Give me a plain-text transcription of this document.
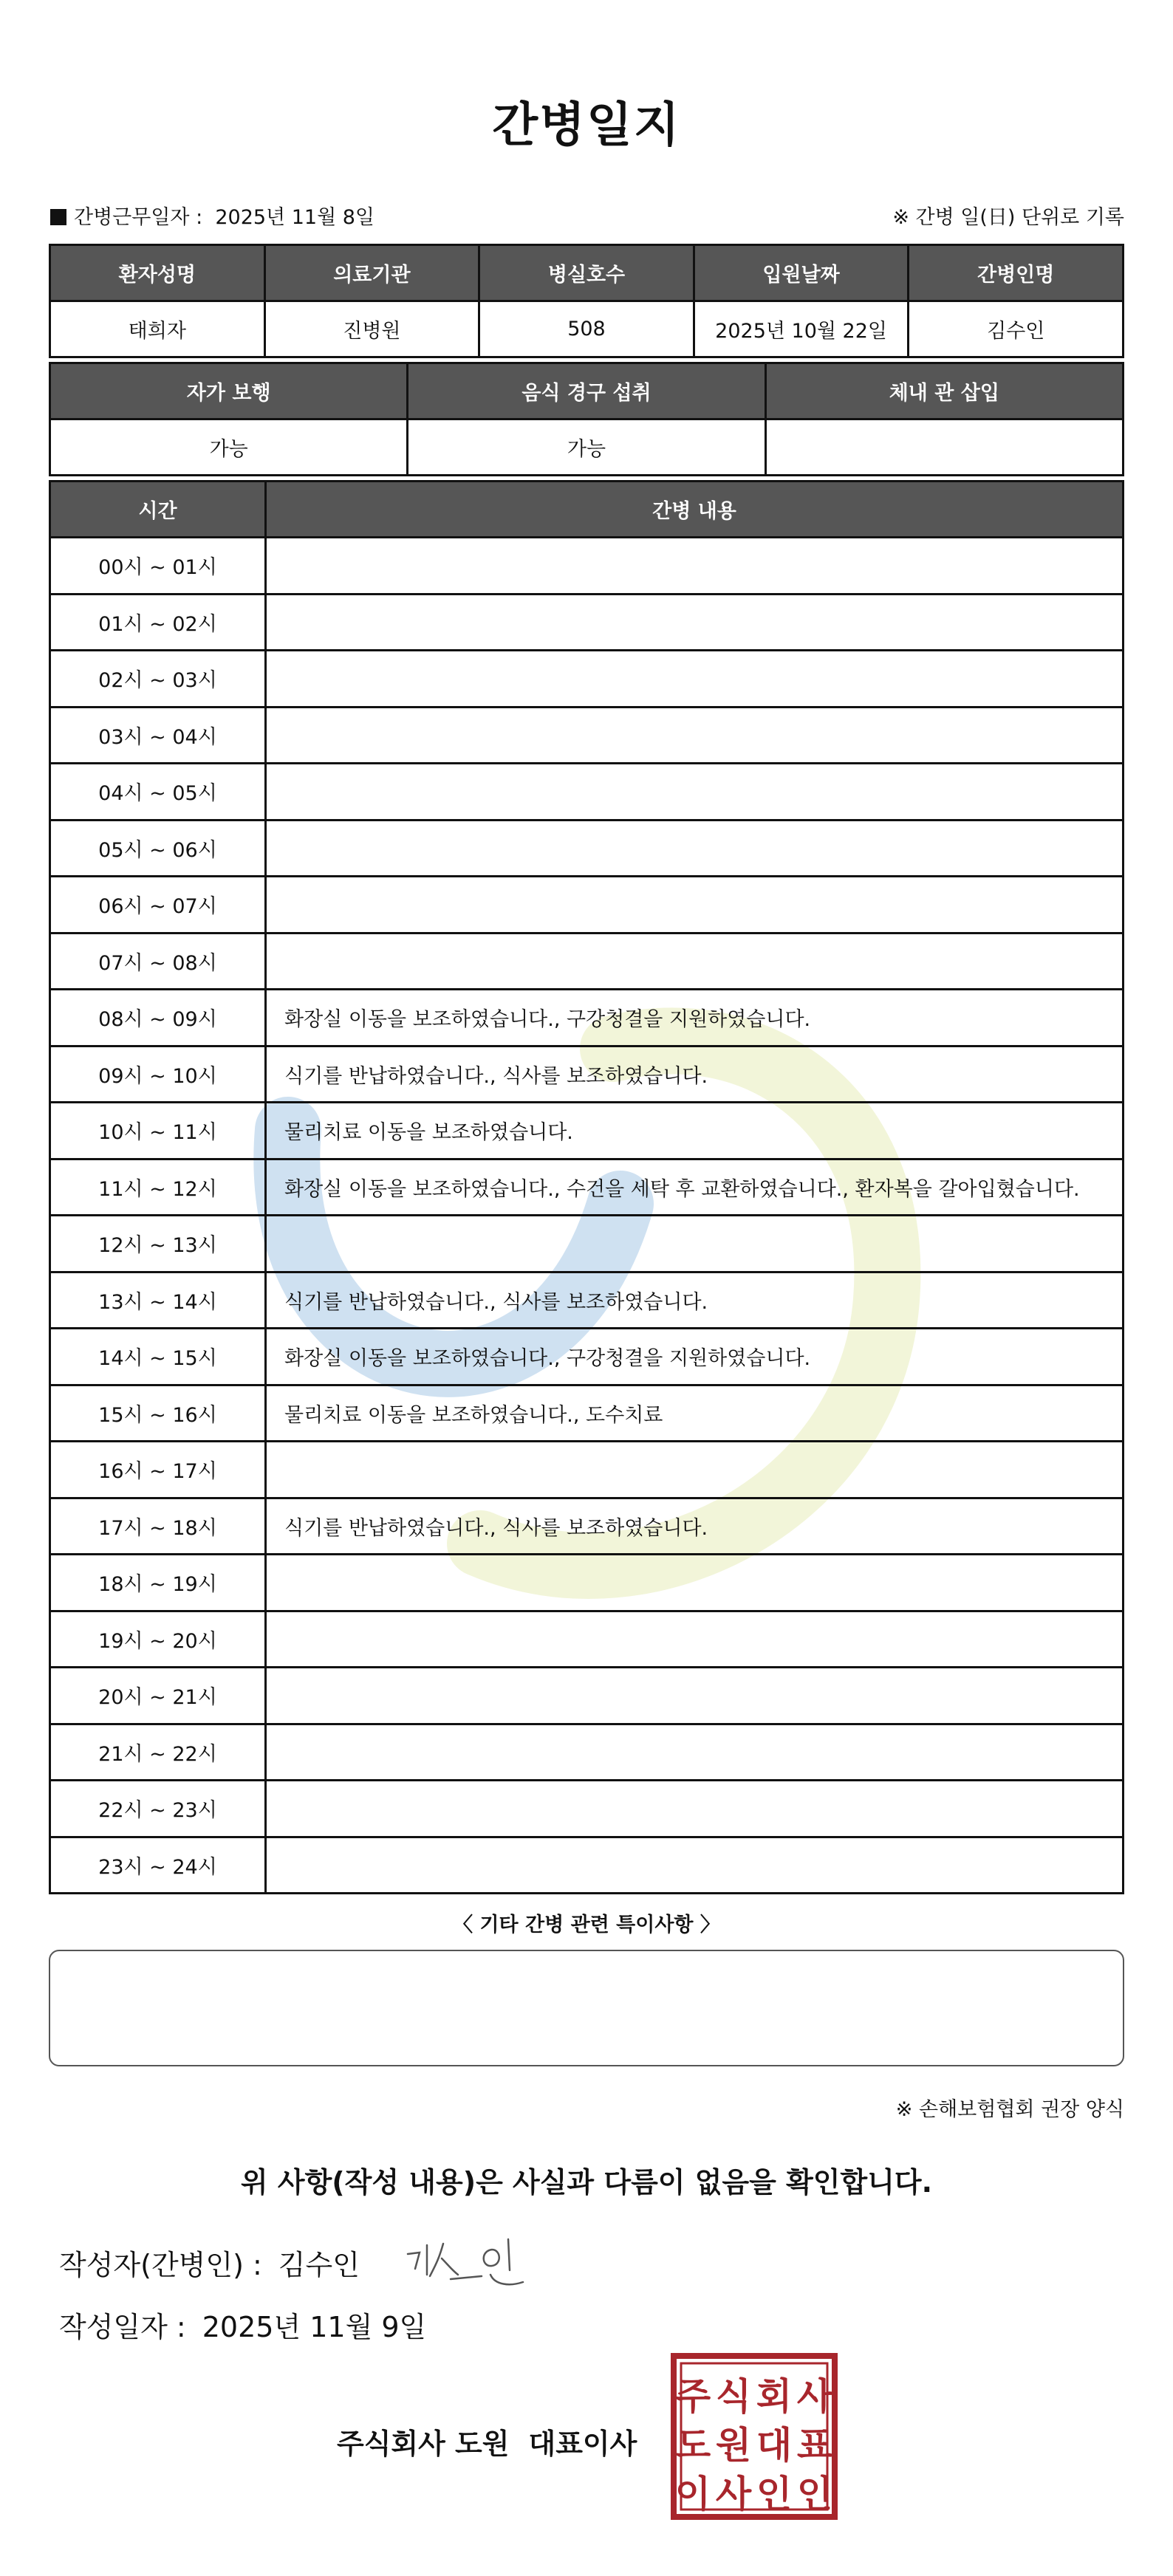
간병일지
간병근무일자 : 2025년 11월 8일	※ 간병 일(日) 단위로 기록
환자성명	의료기관	병실호수	입원날짜	간병인명
태희자	진병원	508	2025년 10월 22일	김수인
자가 보행	음식 경구 섭취	체내 관 삽입
가능	가능	
시간	간병 내용
00시 ~ 01시	
01시 ~ 02시	
02시 ~ 03시	
03시 ~ 04시	
04시 ~ 05시	
05시 ~ 06시	
06시 ~ 07시	
07시 ~ 08시	
08시 ~ 09시	화장실 이동을 보조하였습니다., 구강청결을 지원하였습니다.
09시 ~ 10시	식기를 반납하였습니다., 식사를 보조하였습니다.
10시 ~ 11시	물리치료 이동을 보조하였습니다.
11시 ~ 12시	화장실 이동을 보조하였습니다., 수건을 세탁 후 교환하였습니다., 환자복을 갈아입혔습니다.
12시 ~ 13시	
13시 ~ 14시	식기를 반납하였습니다., 식사를 보조하였습니다.
14시 ~ 15시	화장실 이동을 보조하였습니다., 구강청결을 지원하였습니다.
15시 ~ 16시	물리치료 이동을 보조하였습니다., 도수치료
16시 ~ 17시	
17시 ~ 18시	식기를 반납하였습니다., 식사를 보조하였습니다.
18시 ~ 19시	
19시 ~ 20시	
20시 ~ 21시	
21시 ~ 22시	
22시 ~ 23시	
23시 ~ 24시	
〈 기타 간병 관련 특이사항 〉
※ 손해보험협회 권장 양식
위 사항(작성 내용)은 사실과 다름이 없음을 확인합니다.
작성자(간병인) : 김수인
작성일자 : 2025년 11월 9일
주식회사 도원 대표이사
주 식 회 사
도 원 대 표
이 사 인 인
